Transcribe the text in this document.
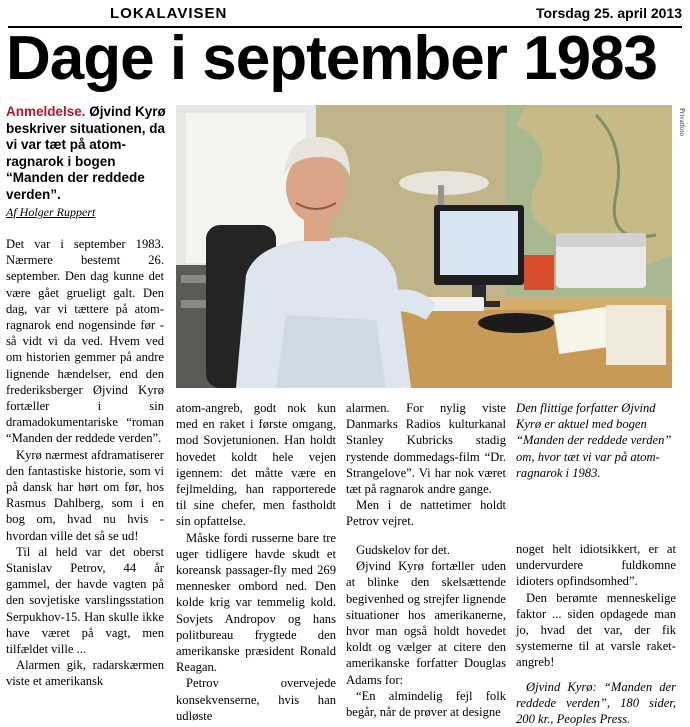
LOKALAVISEN	Torsdag 25. april 2013
Dage i september 1983
Anmeldelse. Øjvind Kyrø beskriver situationen, da vi var tæt på atom-ragnarok i bogen “Manden der reddede verden”.
Af Holger Ruppert

Det var i september 1983. Nærmere bestemt 26. september. Den dag kunne det være gået grueligt galt. Den dag, var vi tættere på atom-ragnarok end nogensinde før - så vidt vi da ved. Hvem ved om historien gemmer på andre lignende hændelser, end den frederiksberger Øjvind Kyrø fortæller i sin dramadokumentariske “roman “Manden der reddede verden”.

Kyrø nærmest afdramatiserer den fantastiske historie, som vi på dansk har hørt om før, hos Rasmus Dahlberg, som i en bog om, hvad nu hvis - hvordan ville det så se ud!

Til al held var det oberst Stanislav Petrov, 44 år gammel, der havde vagten på den sovjetiske varslingsstation Serpukhov-15. Han skulle ikke have været på vagt, men tilfældet ville ...

Alarmen gik, radarskærmen viste et amerikansk

Privatfoto

atom-angreb, godt nok kun med en raket i første omgang, mod Sovjetunionen. Han holdt hovedet koldt hele vejen igennem: det måtte være en fejlmelding, han rapporterede til sine chefer, men fastholdt sin opfattelse.

Måske fordi russerne bare tre uger tidligere havde skudt et koreansk passager-fly med 269 mennesker ombord ned. Den kolde krig var temmelig kold. Sovjets Andropov og hans politbureau frygtede den amerikanske præsident Ronald Reagan.

Petrov overvejede konsekvenserne, hvis han udløste

alarmen. For nylig viste Danmarks Radios kulturkanal Stanley Kubricks stadig rystende dommedags-film “Dr. Strangelove”. Vi har nok været tæt på ragnarok andre gange.

Men i de nattetimer holdt Petrov vejret.

Gudskelov for det.

Øjvind Kyrø fortæller uden at blinke den skelsættende begivenhed og strejfer lignende situationer hos amerikanerne, hvor man også holdt hovedet koldt og vælger at citere den amerikanske forfatter Douglas Adams for:

“En almindelig fejl folk begår, når de prøver at designe

Den flittige forfatter Øjvind Kyrø er aktuel med bogen “Manden der reddede verden” om, hvor tæt vi var på atom-ragnarok i 1983.

noget helt idiotsikkert, er at undervurdere fuldkomne idioters opfindsomhed”.

Den berømte menneskelige faktor ... siden opdagede man jo, hvad det var, der fik systemerne til at varsle raket-angreb!

Øjvind Kyrø: “Manden der reddede verden”, 180 sider, 200 kr., Peoples Press.
